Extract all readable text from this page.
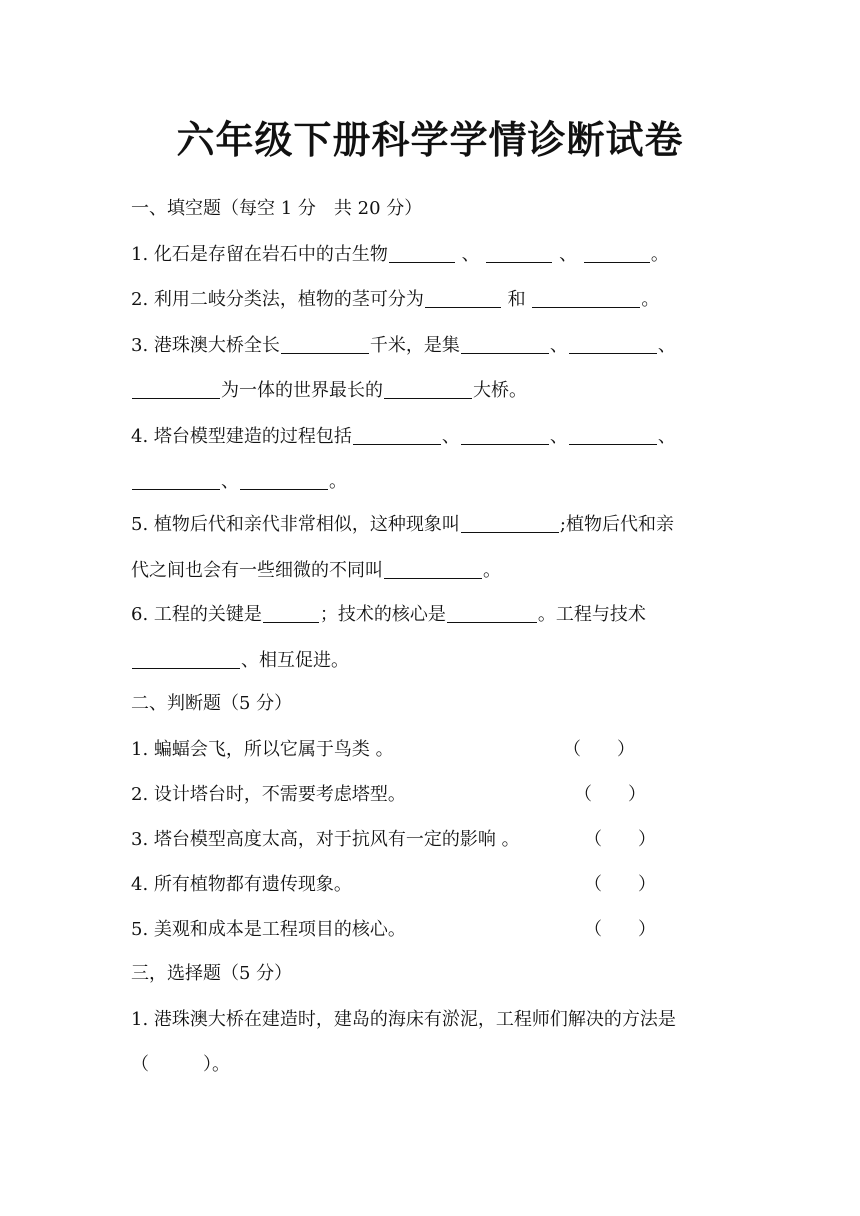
六年级下册科学学情诊断试卷
一、填空题（每空 1 分　共 20 分）
1. 化石是存留在岩石中的古生物	、	、	。
2. 利用二岐分类法，植物的茎可分为	和	。
3. 港珠澳大桥全长	千米，是集	、	、
为一体的世界最长的	大桥。
4. 塔台模型建造的过程包括	、	、	、
、	。
5. 植物后代和亲代非常相似，这种现象叫	;植物后代和亲
代之间也会有一些细微的不同叫	。
6. 工程的关键是	；技术的核心是	。工程与技术
、相互促进。
二、判断题（5 分）
1. 蝙蝠会飞，所以它属于鸟类 。	（　　）
2. 设计塔台时，不需要考虑塔型。	（　　）
3. 塔台模型高度太高，对于抗风有一定的影响 。	（　　）
4. 所有植物都有遗传现象。	（　　）
5. 美观和成本是工程项目的核心。	（　　）
三，选择题（5 分）
1. 港珠澳大桥在建造时，建岛的海床有淤泥，工程师们解决的方法是
（　　　）。
